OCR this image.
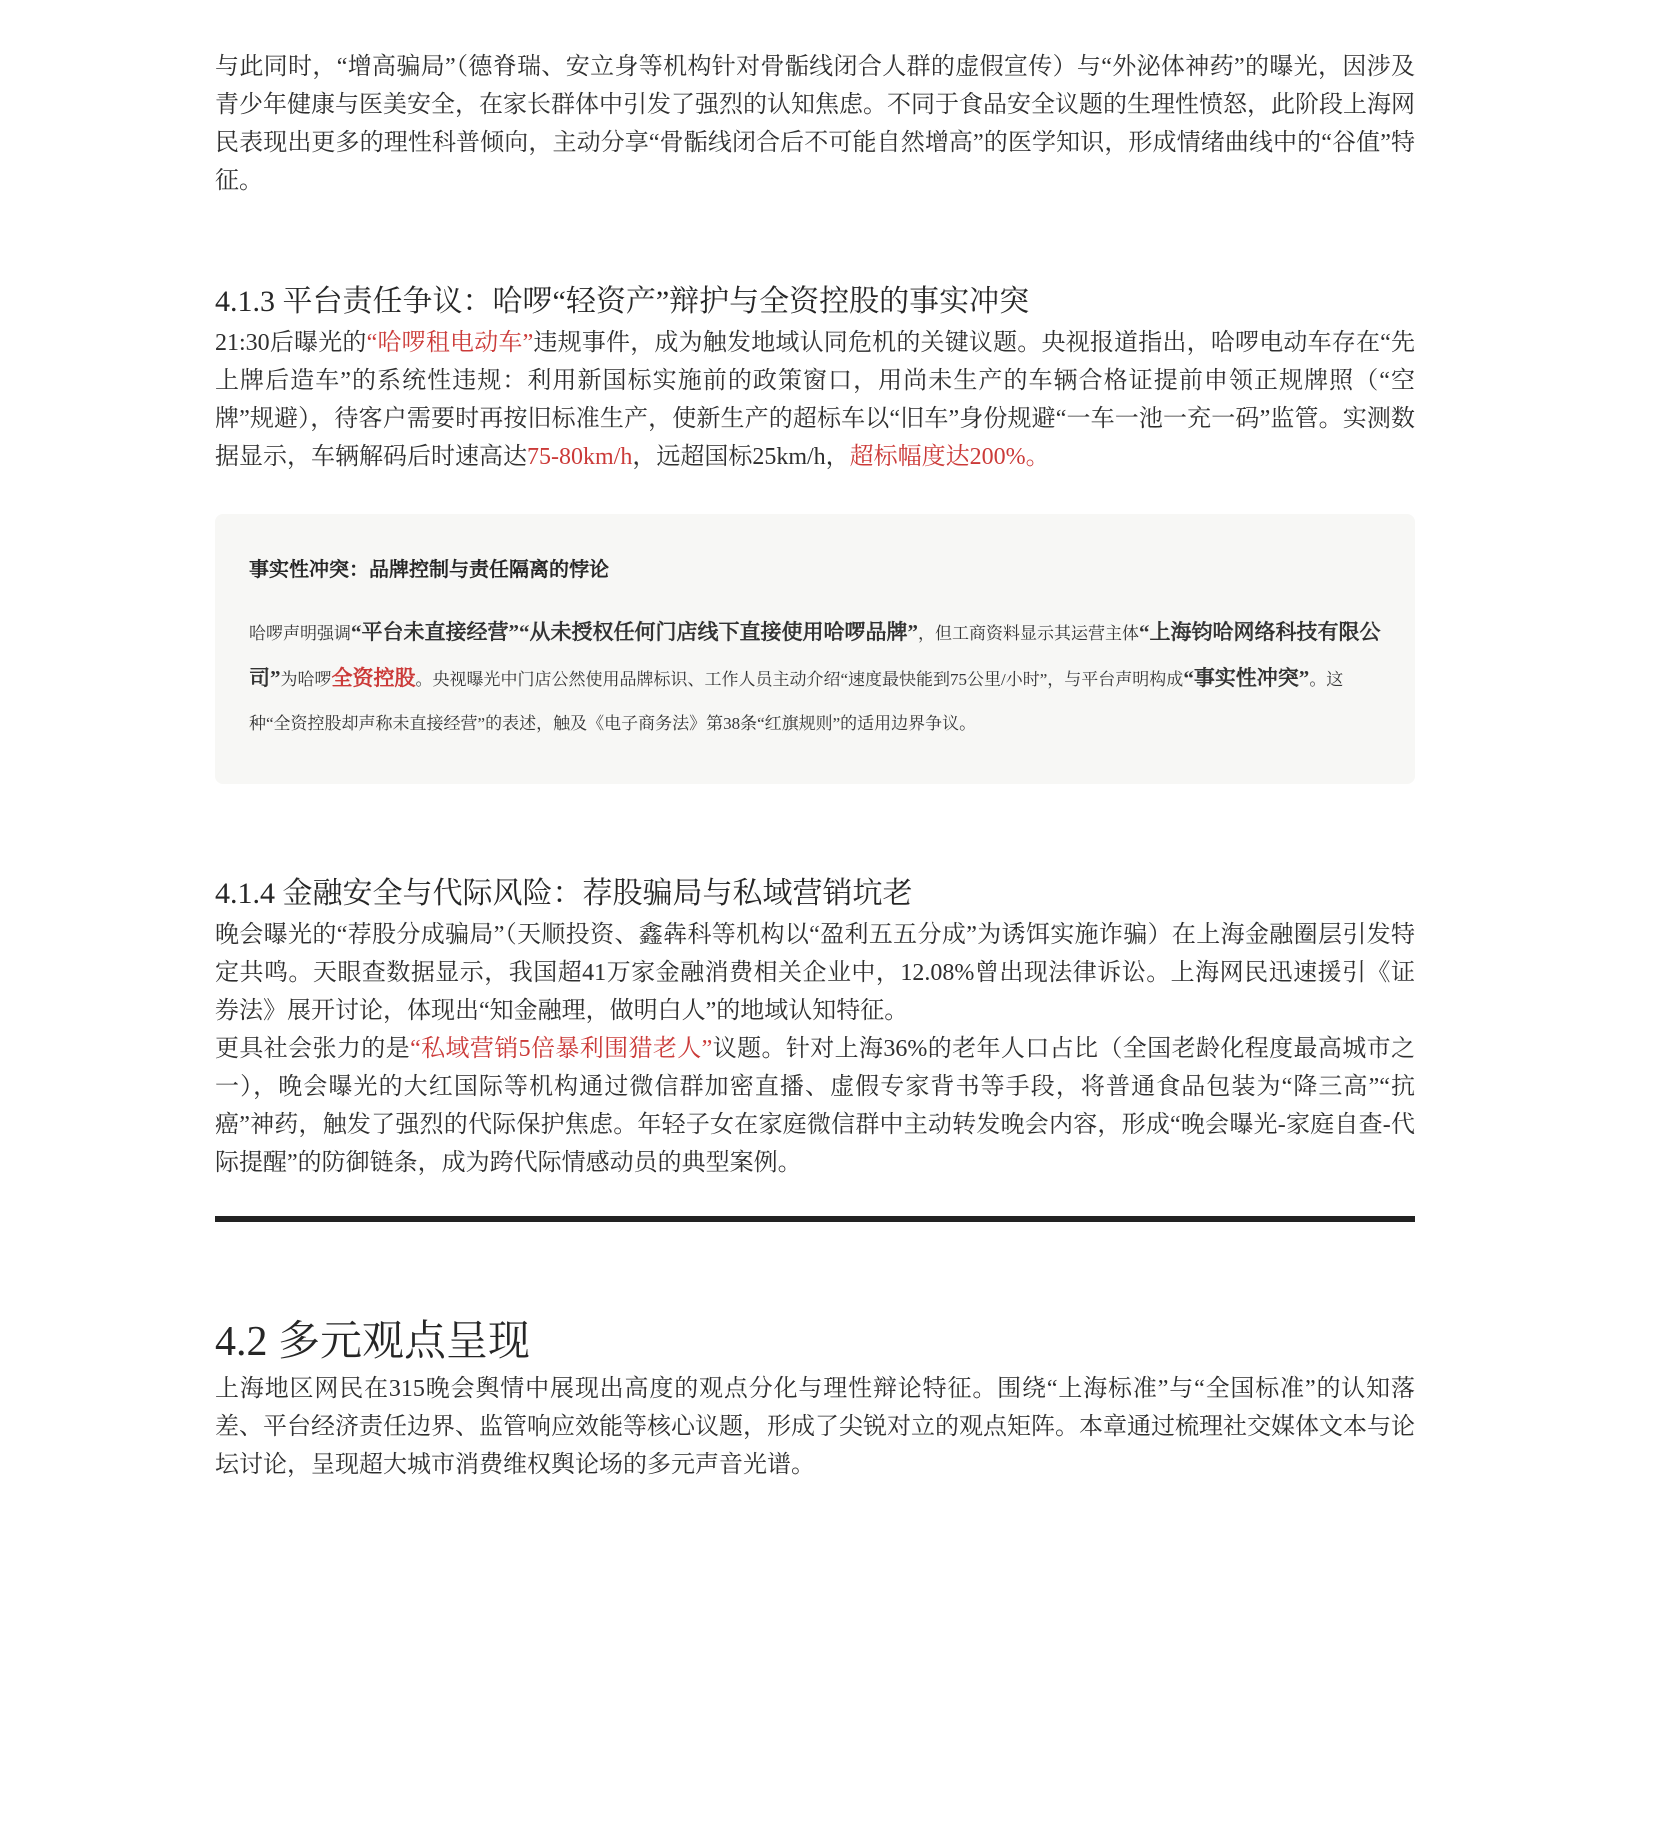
与此同时，“增高骗局”（德脊瑞、安立身等机构针对骨骺线闭合人群的虚假宣传）与“外泌体神药”的曝光，因涉及青少年健康与医美安全，在家长群体中引发了强烈的认知焦虑。不同于食品安全议题的生理性愤怒，此阶段上海网民表现出更多的理性科普倾向，主动分享“骨骺线闭合后不可能自然增高”的医学知识，形成情绪曲线中的“谷值”特征。

4.1.3 平台责任争议：哈啰“轻资产”辩护与全资控股的事实冲突

21:30后曝光的“哈啰租电动车”违规事件，成为触发地域认同危机的关键议题。央视报道指出，哈啰电动车存在“先上牌后造车”的系统性违规：利用新国标实施前的政策窗口，用尚未生产的车辆合格证提前申领正规牌照（“空牌”规避），待客户需要时再按旧标准生产，使新生产的超标车以“旧车”身份规避“一车一池一充一码”监管。实测数据显示，车辆解码后时速高达75-80km/h，远超国标25km/h，超标幅度达200%。

事实性冲突：品牌控制与责任隔离的悖论

哈啰声明强调“平台未直接经营”“从未授权任何门店线下直接使用哈啰品牌”，但工商资料显示其运营主体“上海钧哈网络科技有限公司”为哈啰全资控股。央视曝光中门店公然使用品牌标识、工作人员主动介绍“速度最快能到75公里/小时”，与平台声明构成“事实性冲突”。这种“全资控股却声称未直接经营”的表述，触及《电子商务法》第38条“红旗规则”的适用边界争议。

4.1.4 金融安全与代际风险：荐股骗局与私域营销坑老

晚会曝光的“荐股分成骗局”（天顺投资、鑫犇科等机构以“盈利五五分成”为诱饵实施诈骗）在上海金融圈层引发特定共鸣。天眼查数据显示，我国超41万家金融消费相关企业中，12.08%曾出现法律诉讼。上海网民迅速援引《证券法》展开讨论，体现出“知金融理，做明白人”的地域认知特征。

更具社会张力的是“私域营销5倍暴利围猎老人”议题。针对上海36%的老年人口占比（全国老龄化程度最高城市之一），晚会曝光的大红国际等机构通过微信群加密直播、虚假专家背书等手段，将普通食品包装为“降三高”“抗癌”神药，触发了强烈的代际保护焦虑。年轻子女在家庭微信群中主动转发晚会内容，形成“晚会曝光-家庭自查-代际提醒”的防御链条，成为跨代际情感动员的典型案例。

4.2 多元观点呈现

上海地区网民在315晚会舆情中展现出高度的观点分化与理性辩论特征。围绕“上海标准”与“全国标准”的认知落差、平台经济责任边界、监管响应效能等核心议题，形成了尖锐对立的观点矩阵。本章通过梳理社交媒体文本与论坛讨论，呈现超大城市消费维权舆论场的多元声音光谱。
